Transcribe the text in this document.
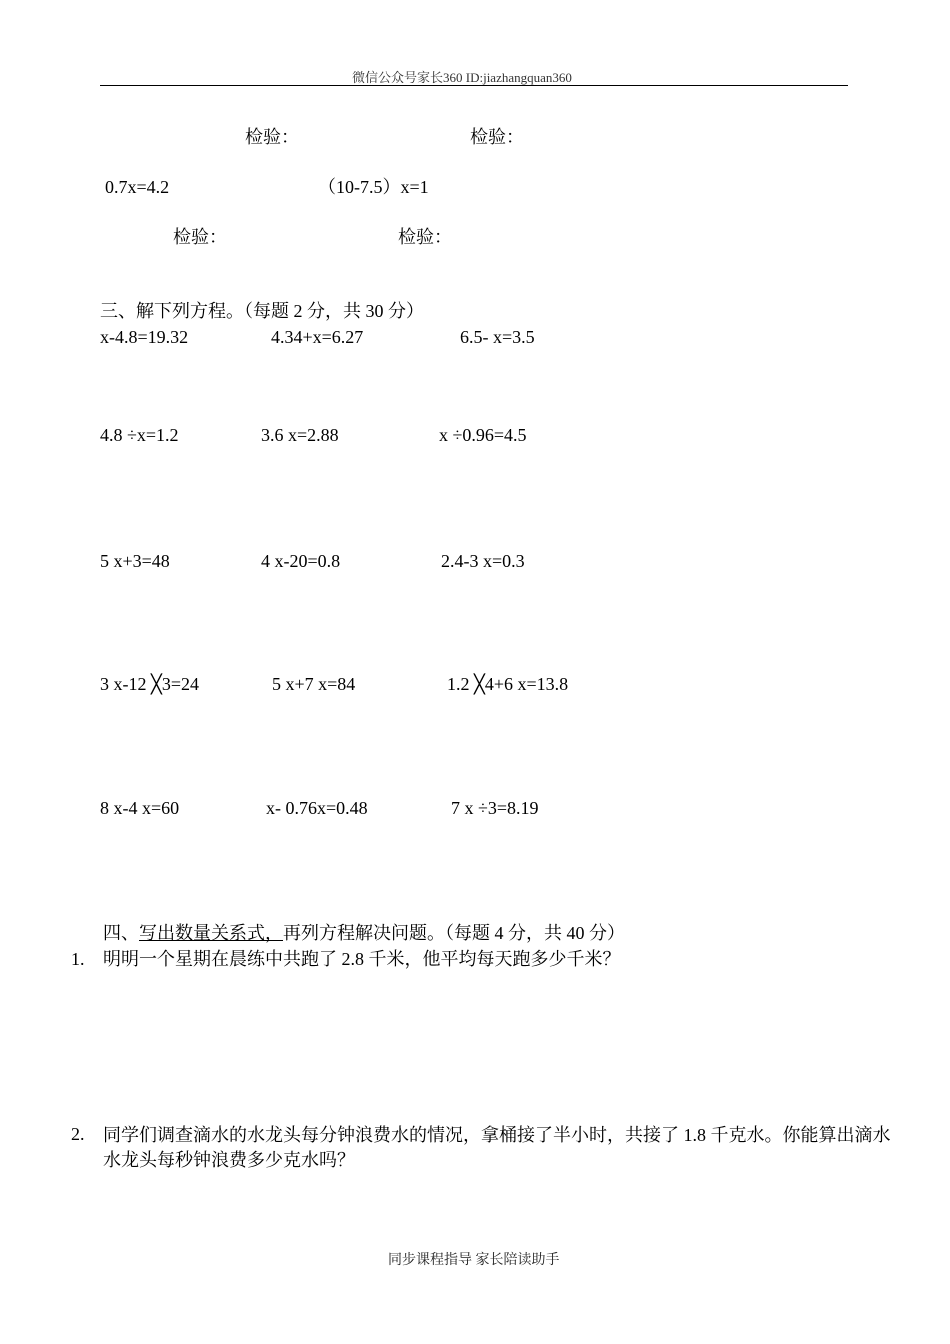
微信公众号家长360 ID:jiazhangquan360
检验：	检验：
0.7x=4.2	（10-7.5）x=1
检验：	检验：
三、解下列方程。（每题 2 分，共 30 分）
x-4.8=19.32	4.34+x=6.27	6.5- x=3.5
4.8 ÷x=1.2	3.6 x=2.88	x ÷0.96=4.5
5 x+3=48	4 x-20=0.8	2.4-3 x=0.3
3 x-12 ╳3=24	5 x+7 x=84	1.2 ╳4+6 x=13.8
8 x-4 x=60	x- 0.76x=0.48	7 x ÷3=8.19
四、写出数量关系式，再列方程解决问题。（每题 4 分，共 40 分）
1. 明明一个星期在晨练中共跑了 2.8 千米，他平均每天跑多少千米？
2. 同学们调查滴水的水龙头每分钟浪费水的情况，拿桶接了半小时，共接了 1.8 千克水。你能算出滴水水龙头每秒钟浪费多少克水吗？
同步课程指导 家长陪读助手
